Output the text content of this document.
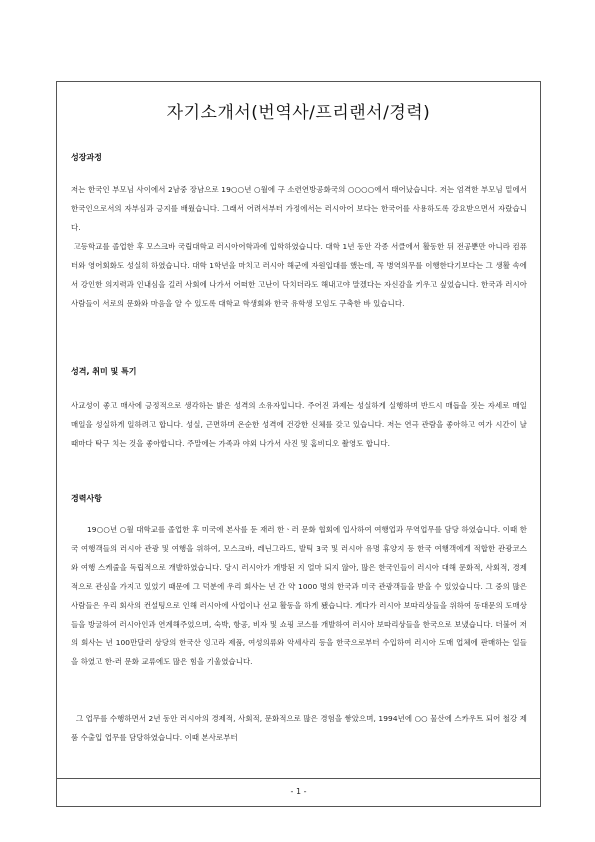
자기소개서(번역사/프리랜서/경력)
성장과정
저는 한국인 부모님 사이에서 2남중 장남으로 19○○년 ○월에 구 소련연방공화국의 ○○○○에서 태어났습니다. 저는 엄격한 부모님 밑에서 한국인으로서의 자부심과 긍지를 배웠습니다. 그래서 어려서부터 가정에서는 러시아어 보다는 한국어를 사용하도록 강요받으면서 자랐습니다.
고등학교를 졸업한 후 모스크바 국립대학교 러시아어학과에 입학하였습니다. 대학 1년 동안 각종 서클에서 활동한 뒤 전공뿐만 아니라 컴퓨터와 영어회화도 성실히 하였습니다. 대학 1학년을 마치고 러시아 해군에 자원입대를 했는데, 꼭 병역의무를 이행한다기보다는 그 생활 속에서 강인한 의지력과 인내심을 길러 사회에 나가서 어떠한 고난이 닥치더라도 해내고야 말겠다는 자신감을 키우고 싶었습니다. 한국과 러시아 사람들이 서로의 문화와 마음을 알 수 있도록 대학교 학생회와 한국 유학생 모임도 구축한 바 있습니다.
성격, 취미 및 특기
사교성이 좋고 매사에 긍정적으로 생각하는 밝은 성격의 소유자입니다. 주어진 과제는 성실하게 실행하며 반드시 매듭을 짓는 자세로 매일 매일을 성실하게 일하려고 합니다. 성실, 근면하며 온순한 성격에 건강한 신체를 갖고 있습니다. 저는 연극 관람을 좋아하고 여가 시간이 날 때마다 탁구 치는 것을 좋아합니다. 주말에는 가족과 야외 나가서 사진 및 홈비디오 촬영도 합니다.
경력사항
19○○년 ○월 대학교를 졸업한 후 미국에 본사를 둔 재러 한ㆍ러 문화 협회에 입사하여 여행업과 무역업무를 담당 하였습니다. 이때 한국 여행객들의 러시아 관광 및 여행을 위하여, 모스크바, 레닌그라드, 발틱 3국 및 러시아 유명 휴양지 등 한국 여행객에게 적합한 관광코스와 여행 스케줄을 독립적으로 개발하였습니다. 당시 러시아가 개방된 지 얼마 되지 않아, 많은 한국인들이 러시아 대해 문화적, 사회적, 경제적으로 관심을 가지고 있었기 때문에 그 덕분에 우리 회사는 년 간 약 1000 명의 한국과 미국 관광객들을 받을 수 있었습니다. 그 중의 많은 사람들은 우리 회사의 컨설팅으로 인해 러시아에 사업이나 선교 활동을 하게 됐습니다. 게다가 러시아 보따리상들을 위하여 동대문의 도매상들을 방굴하여 러시아인과 연계해주었으며, 숙박, 항공, 비자 및 쇼핑 코스를 개발하여 러시아 보따리상들을 한국으로 보냈습니다. 더불어 저의 회사는 년 100만달러 상당의 한국산 잉고라 제품, 여성의류와 악세사리 등을 한국으로부터 수입하여 러시아 도매 업체에 판매하는 일들을 하였고 한-러 문화 교류에도 많은 힘을 기울였습니다.
그 업무를 수행하면서 2년 동안 러시아의 경제적, 사회적, 문화적으로 많은 경험을 쌓았으며, 1994년에 ○○ 물산에 스카우트 되어 철강 제품 수출입 업무를 담당하였습니다. 이때 본사로부터
- 1 -
